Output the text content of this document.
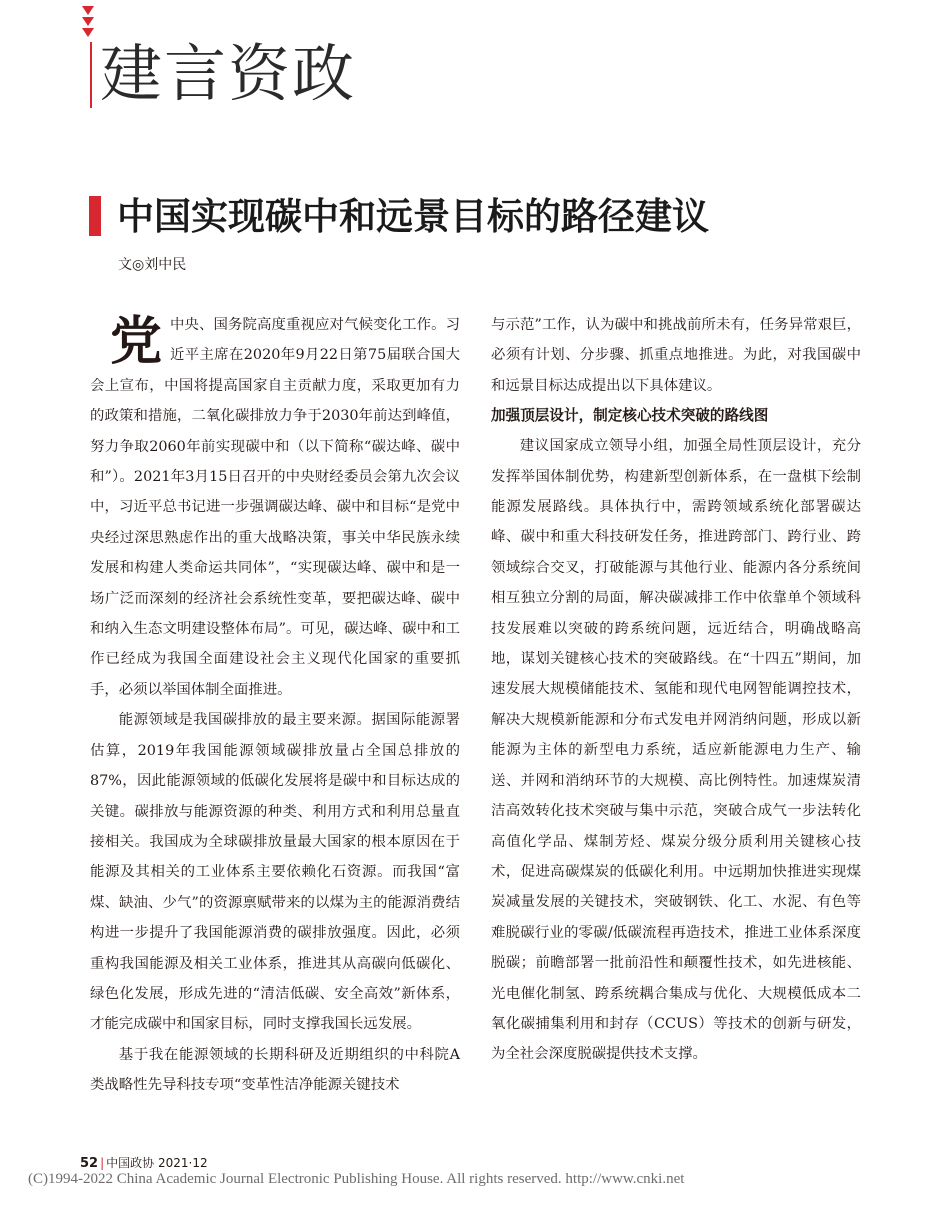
建言资政
中国实现碳中和远景目标的路径建议
文◎刘中民

党中央、国务院高度重视应对气候变化工作。习近平主席在2020年9月22日第75届联合国大会上宣布，中国将提高国家自主贡献力度，采取更加有力的政策和措施，二氧化碳排放力争于2030年前达到峰值，努力争取2060年前实现碳中和（以下简称“碳达峰、碳中和”）。2021年3月15日召开的中央财经委员会第九次会议中，习近平总书记进一步强调碳达峰、碳中和目标“是党中央经过深思熟虑作出的重大战略决策，事关中华民族永续发展和构建人类命运共同体”，“实现碳达峰、碳中和是一场广泛而深刻的经济社会系统性变革，要把碳达峰、碳中和纳入生态文明建设整体布局”。可见，碳达峰、碳中和工作已经成为我国全面建设社会主义现代化国家的重要抓手，必须以举国体制全面推进。

能源领域是我国碳排放的最主要来源。据国际能源署估算，2019年我国能源领域碳排放量占全国总排放的87%，因此能源领域的低碳化发展将是碳中和目标达成的关键。碳排放与能源资源的种类、利用方式和利用总量直接相关。我国成为全球碳排放量最大国家的根本原因在于能源及其相关的工业体系主要依赖化石资源。而我国“富煤、缺油、少气”的资源禀赋带来的以煤为主的能源消费结构进一步提升了我国能源消费的碳排放强度。因此，必须重构我国能源及相关工业体系，推进其从高碳向低碳化、绿色化发展，形成先进的“清洁低碳、安全高效”新体系，才能完成碳中和国家目标，同时支撑我国长远发展。

基于我在能源领域的长期科研及近期组织的中科院A类战略性先导科技专项“变革性洁净能源关键技术

与示范”工作，认为碳中和挑战前所未有，任务异常艰巨，必须有计划、分步骤、抓重点地推进。为此，对我国碳中和远景目标达成提出以下具体建议。

加强顶层设计，制定核心技术突破的路线图

建议国家成立领导小组，加强全局性顶层设计，充分发挥举国体制优势，构建新型创新体系，在一盘棋下绘制能源发展路线。具体执行中，需跨领域系统化部署碳达峰、碳中和重大科技研发任务，推进跨部门、跨行业、跨领域综合交叉，打破能源与其他行业、能源内各分系统间相互独立分割的局面，解决碳减排工作中依靠单个领域科技发展难以突破的跨系统问题，远近结合，明确战略高地，谋划关键核心技术的突破路线。在“十四五”期间，加速发展大规模储能技术、氢能和现代电网智能调控技术，解决大规模新能源和分布式发电并网消纳问题，形成以新能源为主体的新型电力系统，适应新能源电力生产、输送、并网和消纳环节的大规模、高比例特性。加速煤炭清洁高效转化技术突破与集中示范，突破合成气一步法转化高值化学品、煤制芳烃、煤炭分级分质利用关键核心技术，促进高碳煤炭的低碳化利用。中远期加快推进实现煤炭减量发展的关键技术，突破钢铁、化工、水泥、有色等难脱碳行业的零碳/低碳流程再造技术，推进工业体系深度脱碳；前瞻部署一批前沿性和颠覆性技术，如先进核能、光电催化制氢、跨系统耦合集成与优化、大规模低成本二氧化碳捕集利用和封存（CCUS）等技术的创新与研发，为全社会深度脱碳提供技术支撑。

52 | 中国政协 2021·12
(C)1994-2022 China Academic Journal Electronic Publishing House. All rights reserved. http://www.cnki.net
